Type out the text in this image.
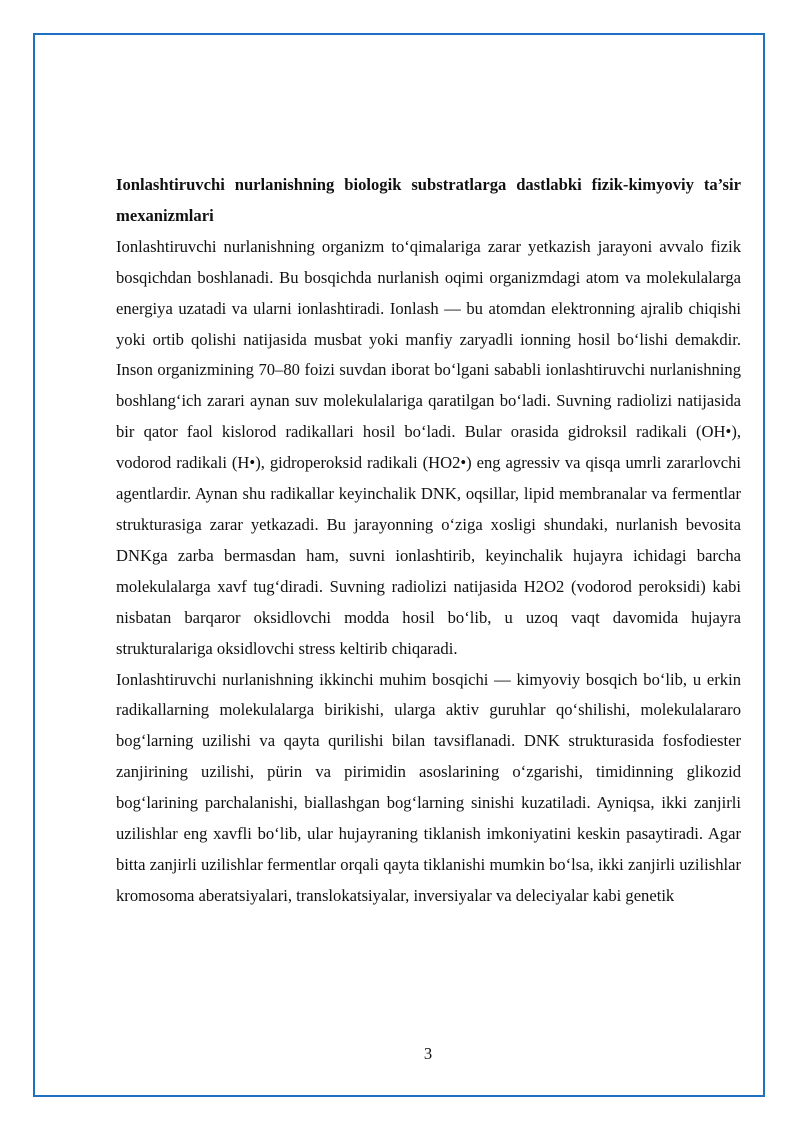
Ionlashtiruvchi nurlanishning biologik substratlarga dastlabki fizik-kimyoviy ta’sir mexanizmlari

Ionlashtiruvchi nurlanishning organizm to‘qimalariga zarar yetkazish jarayoni avvalo fizik bosqichdan boshlanadi. Bu bosqichda nurlanish oqimi organizmdagi atom va molekulalarga energiya uzatadi va ularni ionlashtiradi. Ionlash — bu atomdan elektronning ajralib chiqishi yoki ortib qolishi natijasida musbat yoki manfiy zaryadli ionning hosil bo‘lishi demakdir. Inson organizmining 70–80 foizi suvdan iborat bo‘lgani sababli ionlashtiruvchi nurlanishning boshlang‘ich zarari aynan suv molekulalariga qaratilgan bo‘ladi. Suvning radiolizi natijasida bir qator faol kislorod radikallari hosil bo‘ladi. Bular orasida gidroksil radikali (OH•), vodorod radikali (H•), gidroperoksid radikali (HO2•) eng agressiv va qisqa umrli zararlovchi agentlardir. Aynan shu radikallar keyinchalik DNK, oqsillar, lipid membranalar va fermentlar strukturasiga zarar yetkazadi. Bu jarayonning o‘ziga xosligi shundaki, nurlanish bevosita DNKga zarba bermasdan ham, suvni ionlashtirib, keyinchalik hujayra ichidagi barcha molekulalarga xavf tug‘diradi. Suvning radiolizi natijasida H2O2 (vodorod peroksidi) kabi nisbatan barqaror oksidlovchi modda hosil bo‘lib, u uzoq vaqt davomida hujayra strukturalariga oksidlovchi stress keltirib chiqaradi.

Ionlashtiruvchi nurlanishning ikkinchi muhim bosqichi — kimyoviy bosqich bo‘lib, u erkin radikallarning molekulalarga birikishi, ularga aktiv guruhlar qo‘shilishi, molekulalararo bog‘larning uzilishi va qayta qurilishi bilan tavsiflanadi. DNK strukturasida fosfodiester zanjirining uzilishi, pürin va pirimidin asoslarining o‘zgarishi, timidinning glikozid bog‘larining parchalanishi, biallashgan bog‘larning sinishi kuzatiladi. Ayniqsa, ikki zanjirli uzilishlar eng xavfli bo‘lib, ular hujayraning tiklanish imkoniyatini keskin pasaytiradi. Agar bitta zanjirli uzilishlar fermentlar orqali qayta tiklanishi mumkin bo‘lsa, ikki zanjirli uzilishlar kromosoma aberatsiyalari, translokatsiyalar, inversiyalar va deleciyalar kabi genetik

3
